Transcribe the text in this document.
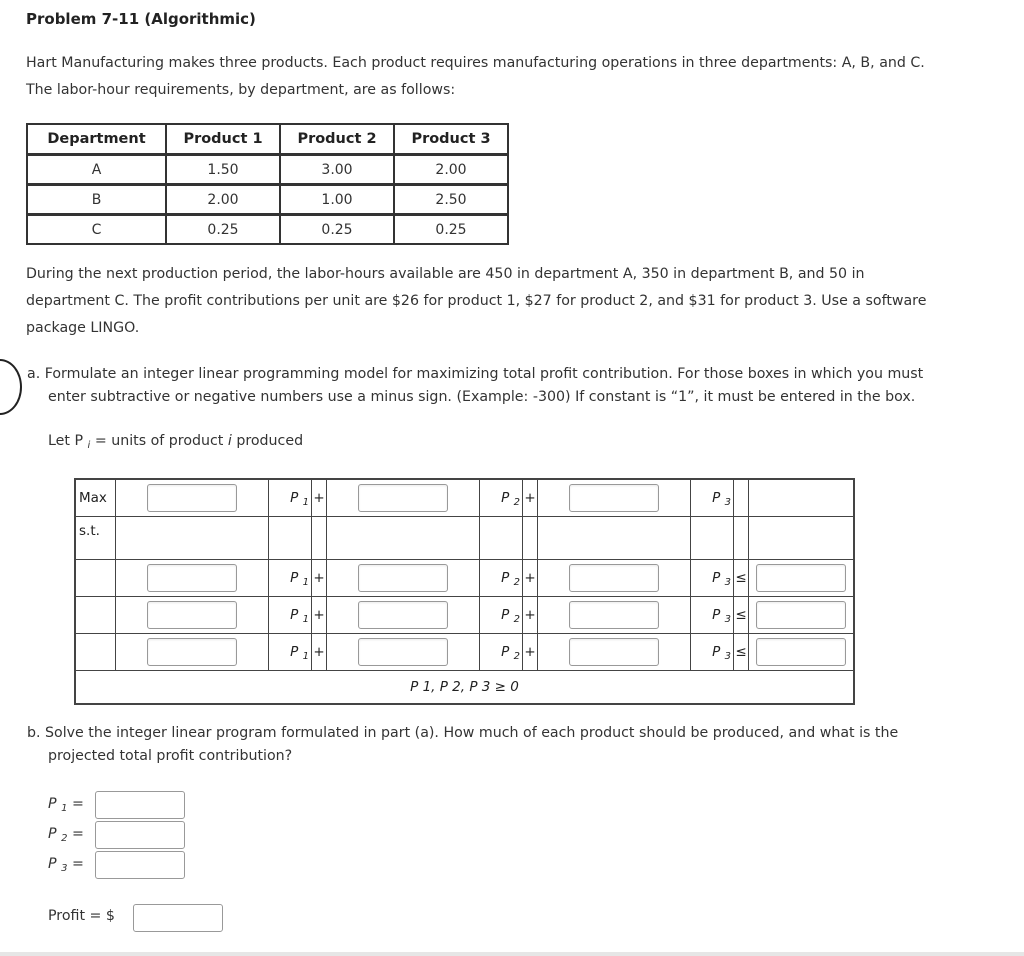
Problem 7-11 (Algorithmic)
Hart Manufacturing makes three products. Each product requires manufacturing operations in three departments: A, B, and C.
The labor-hour requirements, by department, are as follows:
Department	Product 1	Product 2	Product 3
A	1.50	3.00	2.00
B	2.00	1.00	2.50
C	0.25	0.25	0.25
During the next production period, the labor-hours available are 450 in department A, 350 in department B, and 50 in
department C. The profit contributions per unit are $26 for product 1, $27 for product 2, and $31 for product 3. Use a software
package LINGO.
a. Formulate an integer linear programming model for maximizing total profit contribution. For those boxes in which you must
enter subtractive or negative numbers use a minus sign. (Example: -300) If constant is “1”, it must be entered in the box.
Let P $_i$ = units of product i produced
Max		P $_1$	+		P $_2$	+		P $_3$		
s.t.										
		P $_1$	+		P $_2$	+		P $_3$	≤	
		P $_1$	+		P $_2$	+		P $_3$	≤	
		P $_1$	+		P $_2$	+		P $_3$	≤	
P 1, P 2, P 3 ≥ 0										
b. Solve the integer linear program formulated in part (a). How much of each product should be produced, and what is the
projected total profit contribution?
P $_1$ =
P $_2$ =
P $_3$ =
Profit = $
